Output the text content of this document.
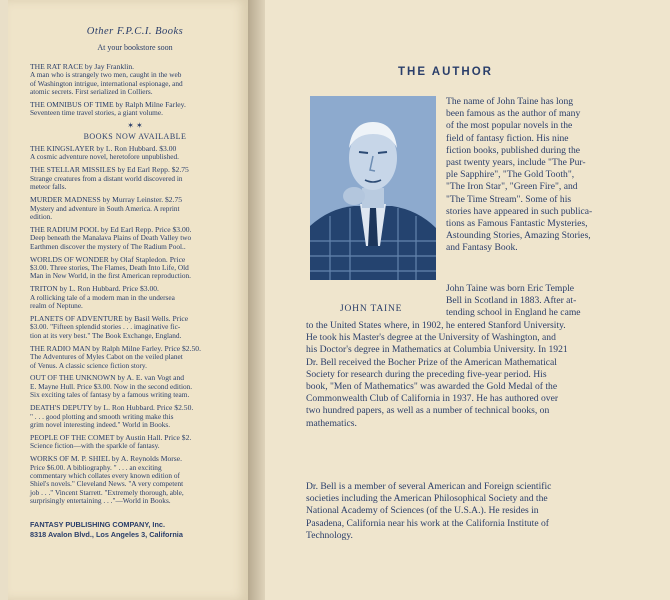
Other F.P.C.I. Books
At your bookstore soon
THE RAT RACE by Jay Franklin.
A man who is strangely two men, caught in the web
of Washington intrigue, international espionage, and
atomic secrets. First serialized in Colliers.
THE OMNIBUS OF TIME by Ralph Milne Farley.
Seventeen time travel stories, a giant volume.
✶ ✶
BOOKS NOW AVAILABLE
THE KINGSLAYER by L. Ron Hubbard. $3.00
A cosmic adventure novel, heretofore unpublished.
THE STELLAR MISSILES by Ed Earl Repp. $2.75
Strange creatures from a distant world discovered in
meteor falls.
MURDER MADNESS by Murray Leinster. $2.75
Mystery and adventure in South America. A reprint
edition.
THE RADIUM POOL by Ed Earl Repp. Price $3.00.
Deep beneath the Manalava Plains of Death Valley two
Earthmen discover the mystery of The Radium Pool..
WORLDS OF WONDER by Olaf Stapledon. Price
$3.00. Three stories, The Flames, Death Into Life, Old
Man in New World, in the first American reproduction.
TRITON by L. Ron Hubbard. Price $3.00.
A rollicking tale of a modern man in the undersea
realm of Neptune.
PLANETS OF ADVENTURE by Basil Wells. Price
$3.00. "Fifteen splendid stories . . . imaginative fic-
tion at its very best." The Book Exchange, England.
THE RADIO MAN by Ralph Milne Farley. Price $2.50.
The Adventures of Myles Cabot on the veiled planet
of Venus. A classic science fiction story.
OUT OF THE UNKNOWN by A. E. van Vogt and
E. Mayne Hull. Price $3.00. Now in the second edition.
Six exciting tales of fantasy by a famous writing team.
DEATH'S DEPUTY by L. Ron Hubbard. Price $2.50.
" . . . good plotting and smooth writing make this
grim novel interesting indeed." World in Books.
PEOPLE OF THE COMET by Austin Hall. Price $2.
Science fiction—with the sparkle of fantasy.
WORKS OF M. P. SHIEL by A. Reynolds Morse.
Price $6.00. A bibliography. " . . . an exciting
commentary which collates every known edition of
Shiel's novels." Cleveland News. "A very competent
job . . ." Vincent Starrett. "Extremely thorough, able,
surprisingly entertaining . . ."—World in Books.
FANTASY PUBLISHING COMPANY, Inc.
8318 Avalon Blvd., Los Angeles 3, California
THE AUTHOR
JOHN TAINE
The name of John Taine has long
been famous as the author of many
of the most popular novels in the
field of fantasy fiction. His nine
fiction books, published during the
past twenty years, include "The Pur-
ple Sapphire", "The Gold Tooth",
"The Iron Star", "Green Fire", and
"The Time Stream". Some of his
stories have appeared in such publica-
tions as Famous Fantastic Mysteries,
Astounding Stories, Amazing Stories,
and Fantasy Book.
John Taine was born Eric Temple
Bell in Scotland in 1883. After at-
tending school in England he came
to the United States where, in 1902, he entered Stanford University.
He took his Master's degree at the University of Washington, and
his Doctor's degree in Mathematics at Columbia University. In 1921
Dr. Bell received the Bocher Prize of the American Mathematical
Society for research during the preceding five-year period. His
book, "Men of Mathematics" was awarded the Gold Medal of the
Commonwealth Club of California in 1937. He has authored over
two hundred papers, as well as a number of technical books, on
mathematics.
Dr. Bell is a member of several American and Foreign scientific
societies including the American Philosophical Society and the
National Academy of Sciences (of the U.S.A.). He resides in
Pasadena, California near his work at the California Institute of
Technology.
